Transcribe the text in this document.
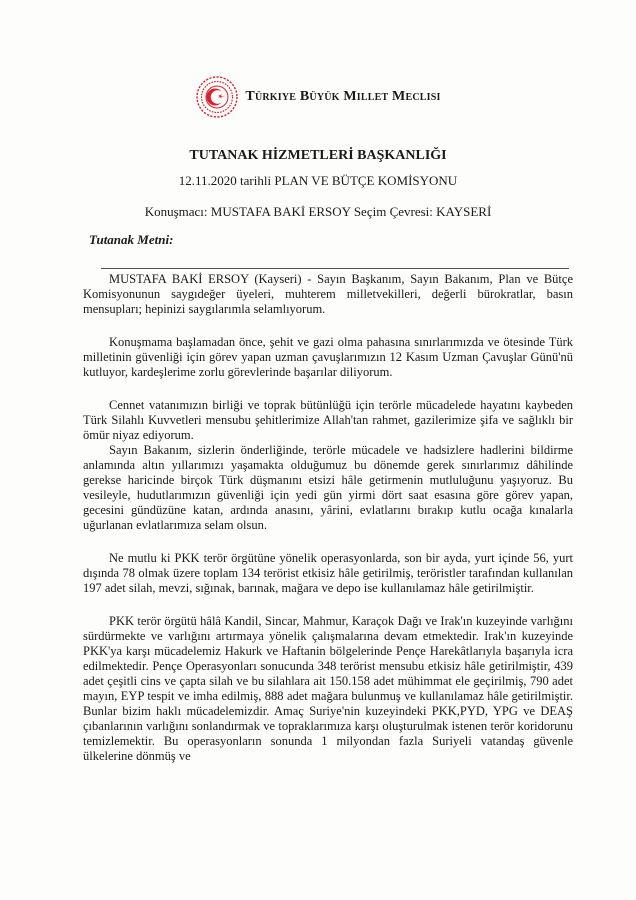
Türkiye Büyük Millet Meclisi
TUTANAK HİZMETLERİ BAŞKANLIĞI
12.11.2020 tarihli PLAN VE BÜTÇE KOMİSYONU
Konuşmacı: MUSTAFA BAKİ ERSOY Seçim Çevresi: KAYSERİ
Tutanak Metni:

MUSTAFA BAKİ ERSOY (Kayseri) - Sayın Başkanım, Sayın Bakanım, Plan ve Bütçe Komisyonunun saygıdeğer üyeleri, muhterem milletvekilleri, değerli bürokratlar, basın mensupları; hepinizi saygılarımla selamlıyorum.

Konuşmama başlamadan önce, şehit ve gazi olma pahasına sınırlarımızda ve ötesinde Türk milletinin güvenliği için görev yapan uzman çavuşlarımızın 12 Kasım Uzman Çavuşlar Günü'nü kutluyor, kardeşlerime zorlu görevlerinde başarılar diliyorum.

Cennet vatanımızın birliği ve toprak bütünlüğü için terörle mücadelede hayatını kaybeden Türk Silahlı Kuvvetleri mensubu şehitlerimize Allah'tan rahmet, gazilerimize şifa ve sağlıklı bir ömür niyaz ediyorum.

Sayın Bakanım, sizlerin önderliğinde, terörle mücadele ve hadsizlere hadlerini bildirme anlamında altın yıllarımızı yaşamakta olduğumuz bu dönemde gerek sınırlarımız dâhilinde gerekse haricinde birçok Türk düşmanını etsizi hâle getirmenin mutluluğunu yaşıyoruz. Bu vesileyle, hudutlarımızın güvenliği için yedi gün yirmi dört saat esasına göre görev yapan, gecesini gündüzüne katan, ardında anasını, yârini, evlatlarını bırakıp kutlu ocağa kınalarla uğurlanan evlatlarımıza selam olsun.

Ne mutlu ki PKK terör örgütüne yönelik operasyonlarda, son bir ayda, yurt içinde 56, yurt dışında 78 olmak üzere toplam 134 terörist etkisiz hâle getirilmiş, teröristler tarafından kullanılan 197 adet silah, mevzi, sığınak, barınak, mağara ve depo ise kullanılamaz hâle getirilmiştir.

PKK terör örgütü hâlâ Kandil, Sincar, Mahmur, Karaçok Dağı ve Irak'ın kuzeyinde varlığını sürdürmekte ve varlığını artırmaya yönelik çalışmalarına devam etmektedir. Irak'ın kuzeyinde PKK'ya karşı mücadelemiz Hakurk ve Haftanin bölgelerinde Pençe Harekâtlarıyla başarıyla icra edilmektedir. Pençe Operasyonları sonucunda 348 terörist mensubu etkisiz hâle getirilmiştir, 439 adet çeşitli cins ve çapta silah ve bu silahlara ait 150.158 adet mühimmat ele geçirilmiş, 790 adet mayın, EYP tespit ve imha edilmiş, 888 adet mağara bulunmuş ve kullanılamaz hâle getirilmiştir. Bunlar bizim haklı mücadelemizdir. Amaç Suriye'nin kuzeyindeki PKK,PYD, YPG ve DEAŞ çıbanlarının varlığını sonlandırmak ve topraklarımıza karşı oluşturulmak istenen terör koridorunu temizlemektir. Bu operasyonların sonunda 1 milyondan fazla Suriyeli vatandaş güvenle ülkelerine dönmüş ve
